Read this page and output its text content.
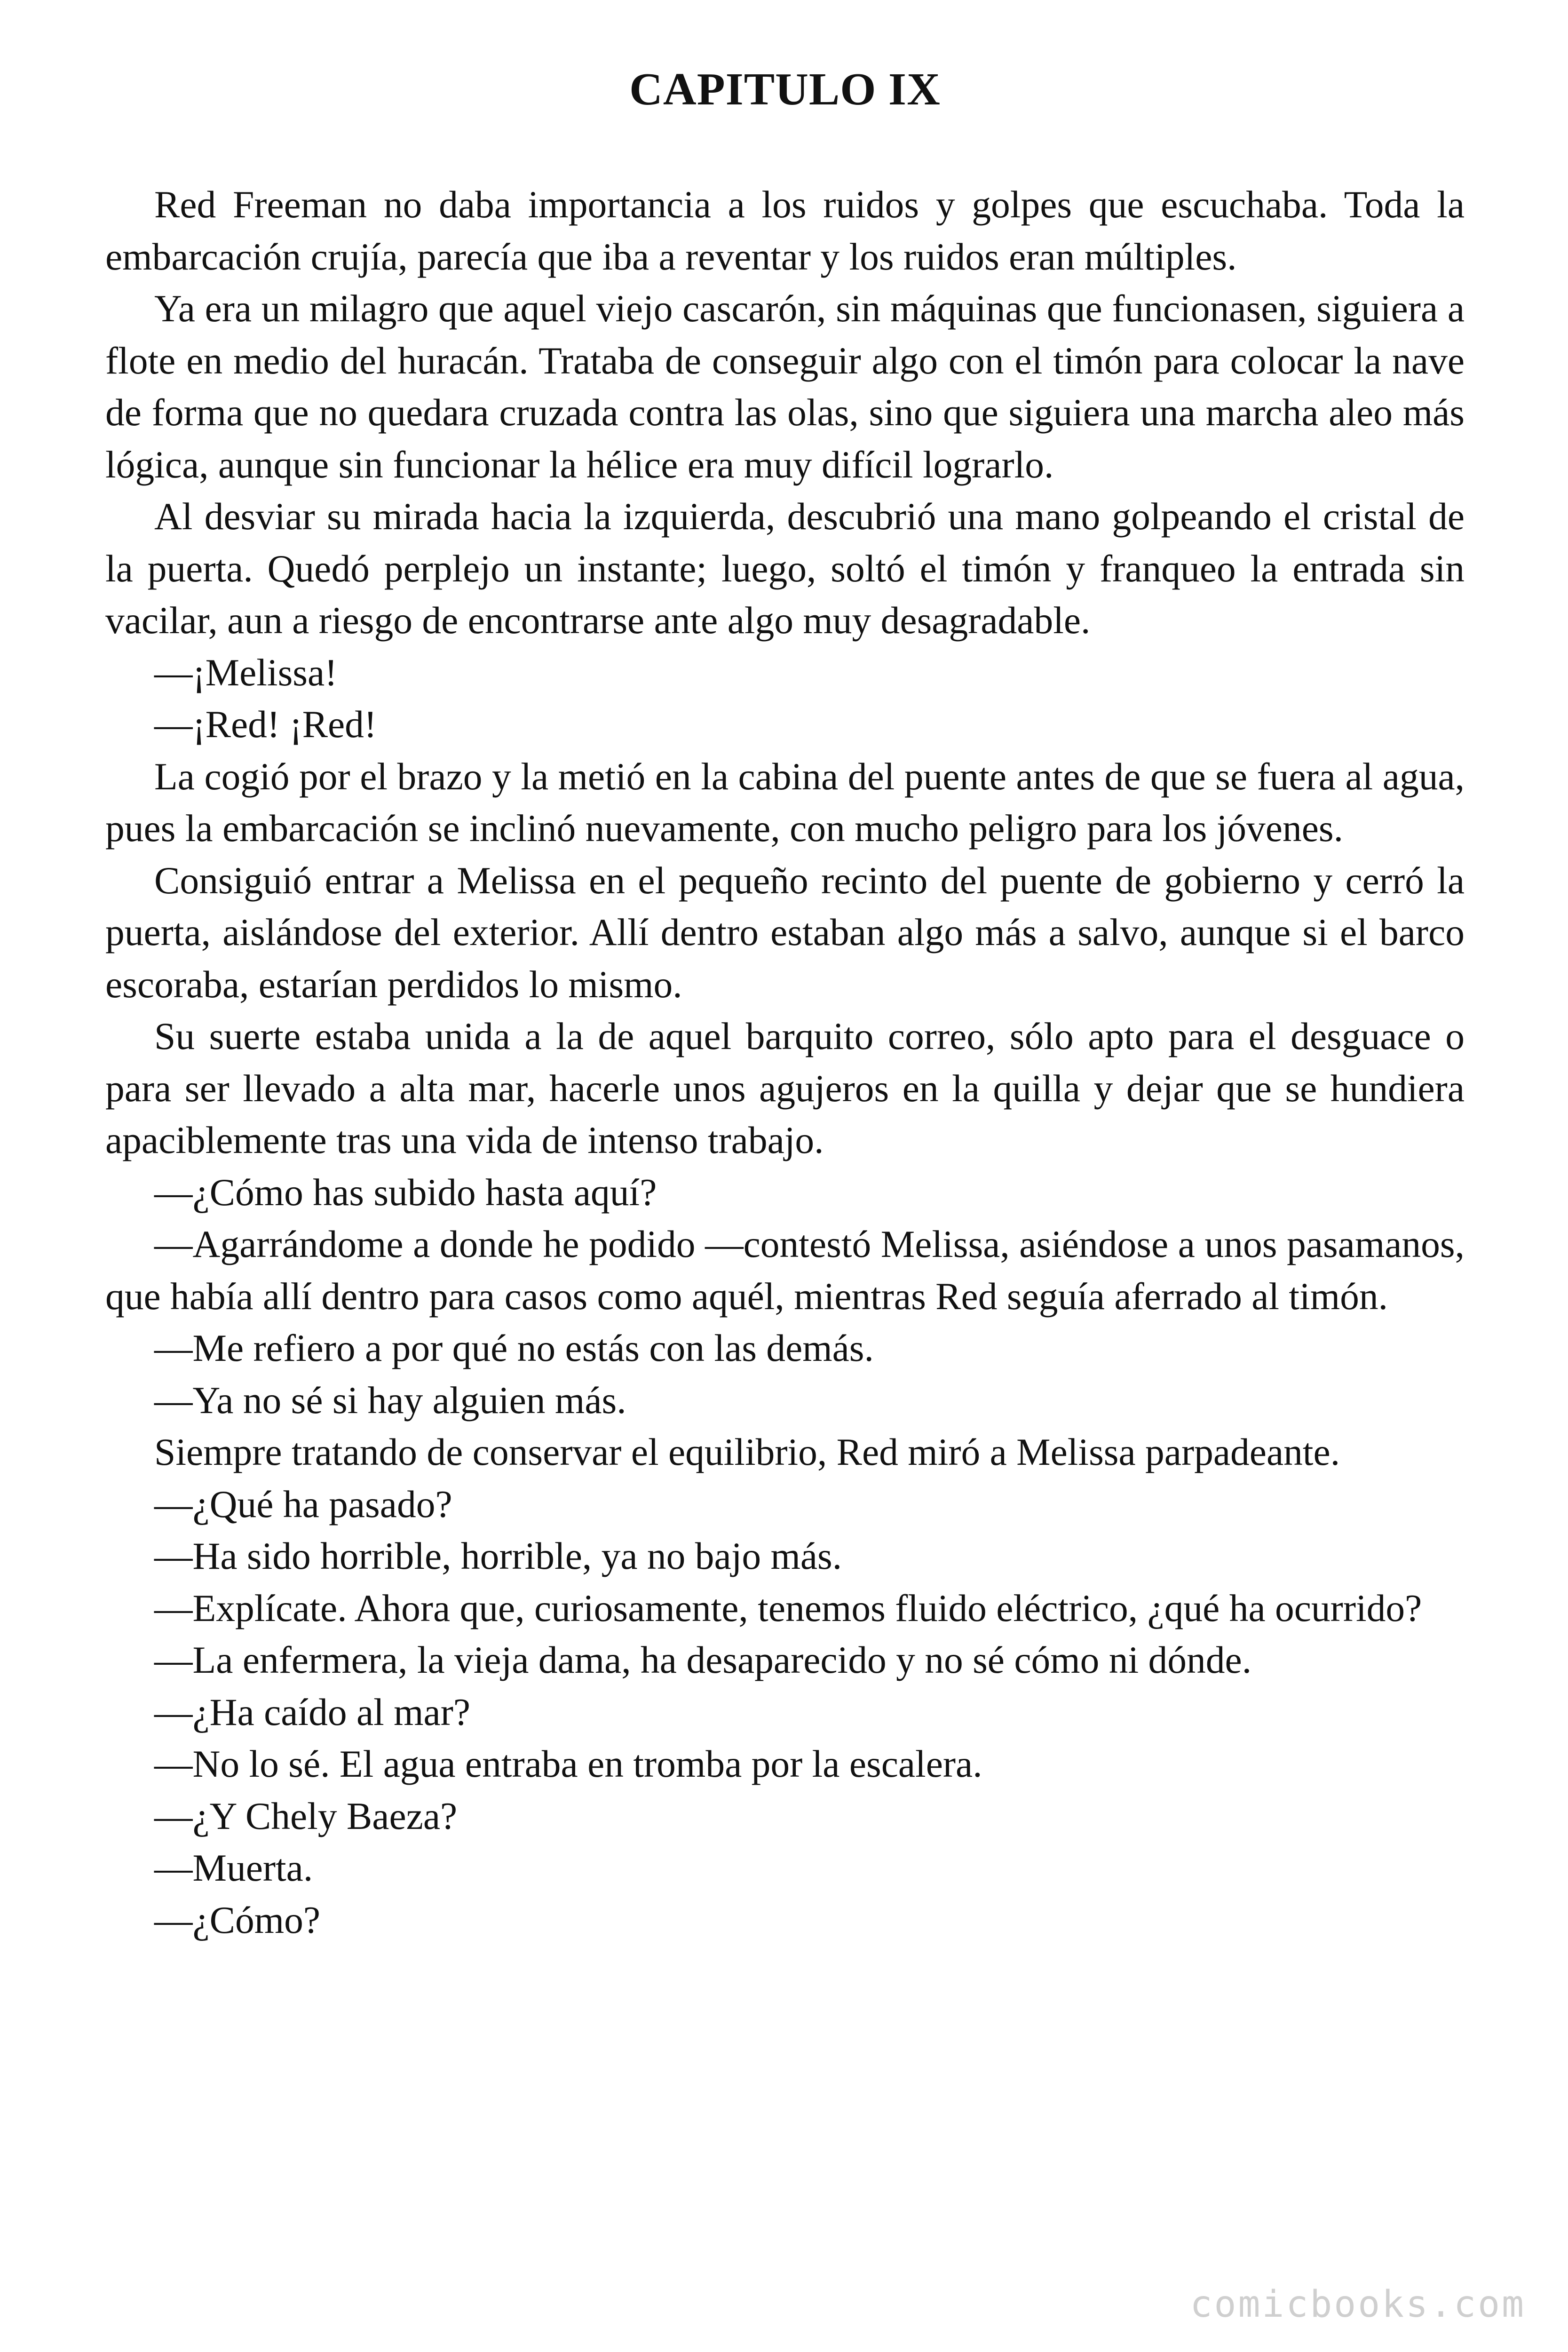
CAPITULO IX

Red Freeman no daba importancia a los ruidos y golpes que escuchaba. Toda la embarcación crujía, parecía que iba a reventar y los ruidos eran múltiples.

Ya era un milagro que aquel viejo cascarón, sin máquinas que funcionasen, siguiera a flote en medio del huracán. Trataba de conseguir algo con el timón para colocar la nave de forma que no quedara cruzada contra las olas, sino que siguiera una marcha aleo más lógica, aunque sin funcionar la hélice era muy difícil lograrlo.

Al desviar su mirada hacia la izquierda, descubrió una mano golpeando el cristal de la puerta. Quedó perplejo un instante; luego, soltó el timón y franqueo la entrada sin vacilar, aun a riesgo de encontrarse ante algo muy desagradable.

—¡Melissa!

—¡Red! ¡Red!

La cogió por el brazo y la metió en la cabina del puente antes de que se fuera al agua, pues la embarcación se inclinó nuevamente, con mucho peligro para los jóvenes.

Consiguió entrar a Melissa en el pequeño recinto del puente de gobierno y cerró la puerta, aislándose del exterior. Allí dentro estaban algo más a salvo, aunque si el barco escoraba, estarían perdidos lo mismo.

Su suerte estaba unida a la de aquel barquito correo, sólo apto para el desguace o para ser llevado a alta mar, hacerle unos agujeros en la quilla y dejar que se hundiera apaciblemente tras una vida de intenso trabajo.

—¿Cómo has subido hasta aquí?

—Agarrándome a donde he podido —contestó Melissa, asiéndose a unos pasamanos, que había allí dentro para casos como aquél, mientras Red seguía aferrado al timón.

—Me refiero a por qué no estás con las demás.

—Ya no sé si hay alguien más.

Siempre tratando de conservar el equilibrio, Red miró a Melissa parpadeante.

—¿Qué ha pasado?

—Ha sido horrible, horrible, ya no bajo más.

—Explícate. Ahora que, curiosamente, tenemos fluido eléctrico, ¿qué ha ocurrido?

—La enfermera, la vieja dama, ha desaparecido y no sé cómo ni dónde.

—¿Ha caído al mar?

—No lo sé. El agua entraba en tromba por la escalera.

—¿Y Chely Baeza?

—Muerta.

—¿Cómo?

comicbooks.com
